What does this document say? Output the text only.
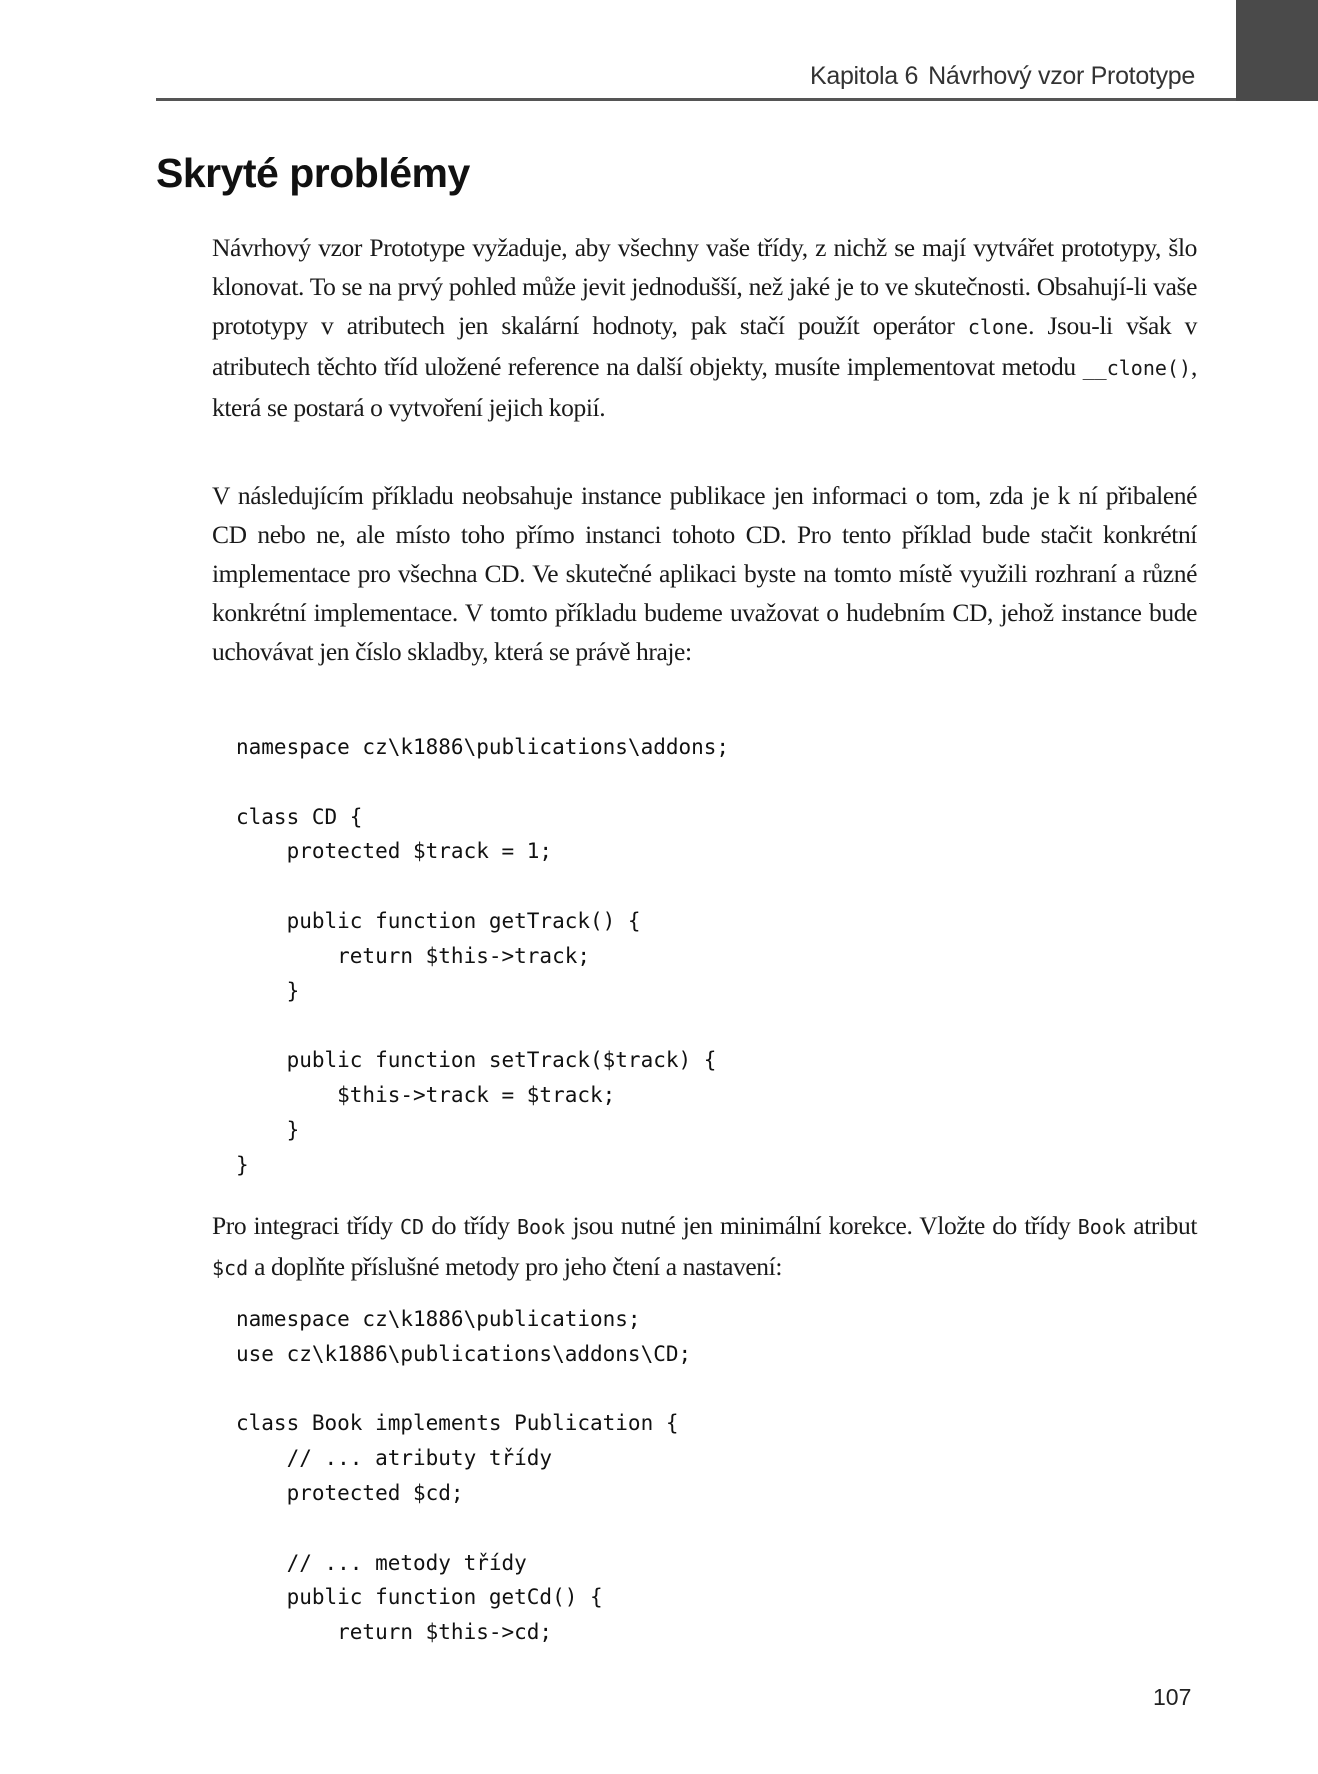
Kapitola 6 Návrhový vzor Prototype
Skryté problémy

Návrhový vzor Prototype vyžaduje, aby všechny vaše třídy, z nichž se mají vytvářet prototypy, šlo klonovat. To se na prvý pohled může jevit jednodušší, než jaké je to ve skutečnosti. Obsahují-li vaše prototypy v atributech jen skalární hodnoty, pak stačí použít operátor clone. Jsou-li však v atributech těchto tříd uložené reference na další objekty, musíte implementovat metodu __clone(), která se postará o vytvoření jejich kopií.

V následujícím příkladu neobsahuje instance publikace jen informaci o tom, zda je k ní přibalené CD nebo ne, ale místo toho přímo instanci tohoto CD. Pro tento příklad bude stačit konkrétní implementace pro všechna CD. Ve skutečné aplikaci byste na tomto místě využili rozhraní a různé konkrétní implementace. V tomto příkladu budeme uvažovat o hudebním CD, jehož instance bude uchovávat jen číslo skladby, která se právě hraje:

namespace cz\k1886\publications\addons;

class CD {
protected $track = 1;

public function getTrack() {
return $this->track;
}

public function setTrack($track) {
$this->track = $track;
}
}

Pro integraci třídy CD do třídy Book jsou nutné jen minimální korekce. Vložte do třídy Book atribut $cd a doplňte příslušné metody pro jeho čtení a nastavení:

namespace cz\k1886\publications;
use cz\k1886\publications\addons\CD;

class Book implements Publication {
// ... atributy třídy
protected $cd;

// ... metody třídy
public function getCd() {
return $this->cd;
107
